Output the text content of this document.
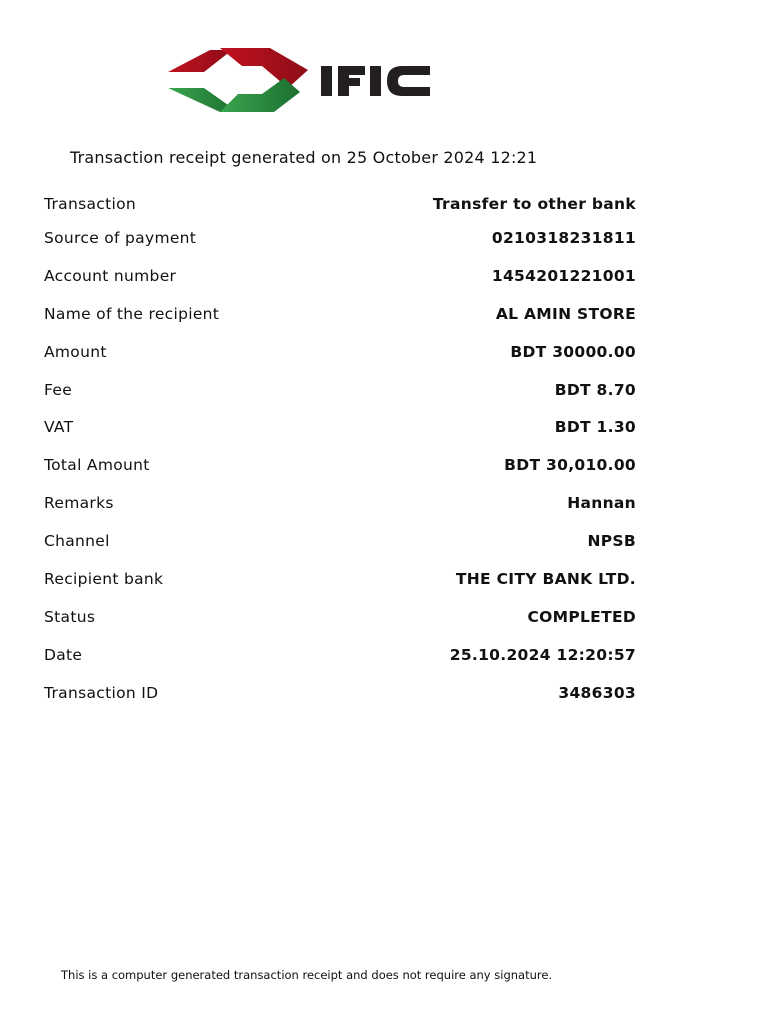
Transaction receipt generated on 25 October 2024 12:21
Transaction	Transfer to other bank
Source of payment	0210318231811
Account number	1454201221001
Name of the recipient	AL AMIN STORE
Amount	BDT 30000.00
Fee	BDT 8.70
VAT	BDT 1.30
Total Amount	BDT 30,010.00
Remarks	Hannan
Channel	NPSB
Recipient bank	THE CITY BANK LTD.
Status	COMPLETED
Date	25.10.2024 12:20:57
Transaction ID	3486303
This is a computer generated transaction receipt and does not require any signature.
